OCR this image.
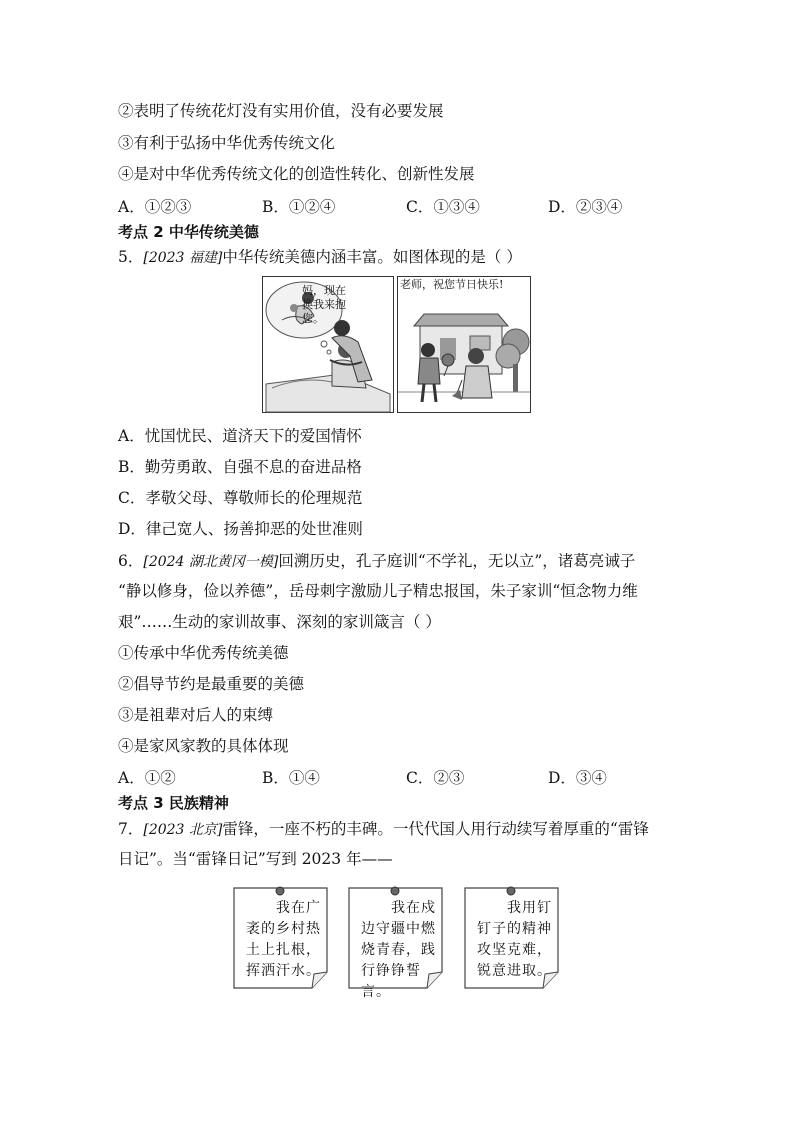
②表明了传统花灯没有实用价值，没有必要发展
③有利于弘扬中华优秀传统文化
④是对中华优秀传统文化的创造性转化、创新性发展
A．①②③	B．①②④	C．①③④	D．②③④
考点 2 中华传统美德
5．[2023 福建]中华传统美德内涵丰富。如图体现的是（ ）
妈，现在换我来抱您。
老师，祝您节日快乐!
A．忧国忧民、道济天下的爱国情怀
B．勤劳勇敢、自强不息的奋进品格
C．孝敬父母、尊敬师长的伦理规范
D．律己宽人、扬善抑恶的处世准则
6．[2024 湖北黄冈一模]回溯历史，孔子庭训“不学礼，无以立”，诸葛亮诫子
“静以修身，俭以养德”，岳母刺字激励儿子精忠报国，朱子家训“恒念物力维
艰”……生动的家训故事、深刻的家训箴言（ ）
①传承中华优秀传统美德
②倡导节约是最重要的美德
③是祖辈对后人的束缚
④是家风家教的具体体现
A．①②	B．①④	C．②③	D．③④
考点 3 民族精神
7．[2023 北京]雷锋，一座不朽的丰碑。一代代国人用行动续写着厚重的“雷锋
日记”。当“雷锋日记”写到 2023 年——
　　我在广
袤的乡村热
土上扎根，
挥洒汗水。
　　我在戍
边守疆中燃
烧青春，践
行铮铮誓言。
　　我用钉
钉子的精神
攻坚克难，
锐意进取。
